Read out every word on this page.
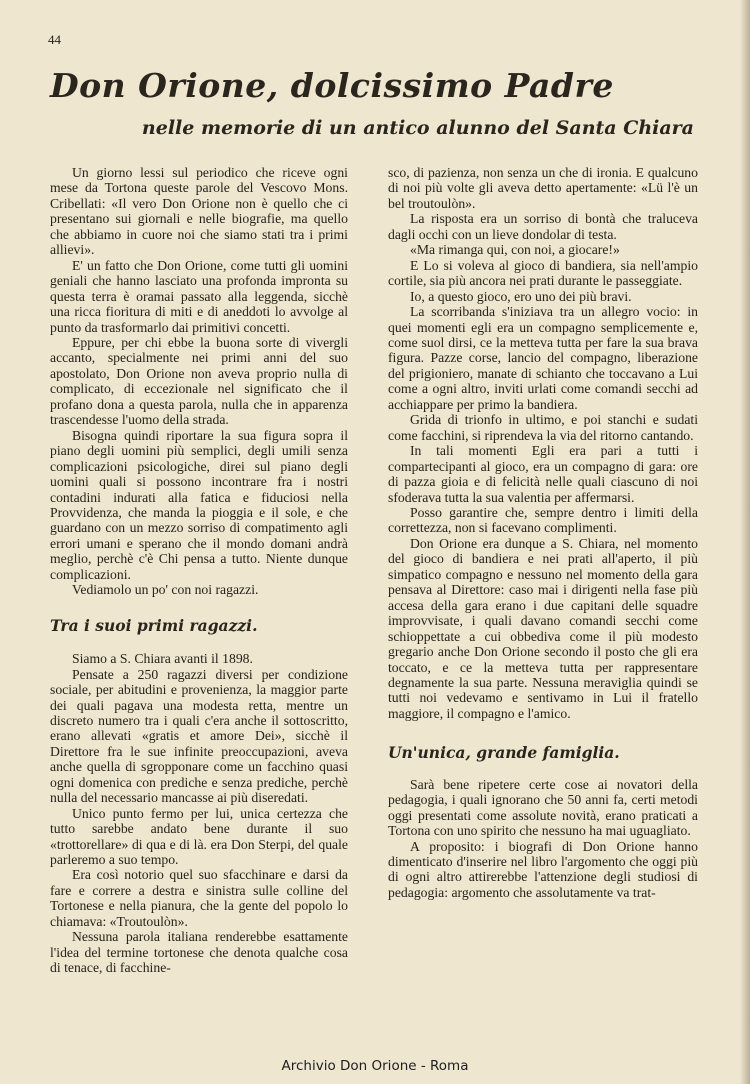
44
Don Orione, dolcissimo Padre
nelle memorie di un antico alunno del Santa Chiara

Un giorno lessi sul periodico che riceve ogni mese da Tortona queste parole del Vescovo Mons. Cribellati: «Il vero Don Orione non è quello che ci presentano sui giornali e nelle biografie, ma quello che abbiamo in cuore noi che siamo stati tra i primi allievi».

E' un fatto che Don Orione, come tutti gli uomini geniali che hanno lasciato una profonda impronta su questa terra è oramai passato alla leggenda, sicchè una ricca fioritura di miti e di aneddoti lo avvolge al punto da trasformarlo dai primitivi concetti.

Eppure, per chi ebbe la buona sorte di vivergli accanto, specialmente nei primi anni del suo apostolato, Don Orione non aveva proprio nulla di complicato, di eccezionale nel significato che il profano dona a questa parola, nulla che in apparenza trascendesse l'uomo della strada.

Bisogna quindi riportare la sua figura sopra il piano degli uomini più semplici, degli umili senza complicazioni psicologiche, direi sul piano degli uomini quali si possono incontrare fra i nostri contadini indurati alla fatica e fiduciosi nella Provvidenza, che manda la pioggia e il sole, e che guardano con un mezzo sorriso di compatimento agli errori umani e sperano che il mondo domani andrà meglio, perchè c'è Chi pensa a tutto. Niente dunque complicazioni.

Vediamolo un po' con noi ragazzi.

Tra i suoi primi ragazzi.

Siamo a S. Chiara avanti il 1898.

Pensate a 250 ragazzi diversi per condizione sociale, per abitudini e provenienza, la maggior parte dei quali pagava una modesta retta, mentre un discreto numero tra i quali c'era anche il sottoscritto, erano allevati «gratis et amore Dei», sicchè il Direttore fra le sue infinite preoccupazioni, aveva anche quella di sgropponare come un facchino quasi ogni domenica con prediche e senza prediche, perchè nulla del necessario mancasse ai più diseredati.

Unico punto fermo per lui, unica certezza che tutto sarebbe andato bene durante il suo «trottorellare» di qua e di là. era Don Sterpi, del quale parleremo a suo tempo.

Era così notorio quel suo sfacchinare e darsi da fare e correre a destra e sinistra sulle colline del Tortonese e nella pianura, che la gente del popolo lo chiamava: «Troutoulòn».

Nessuna parola italiana renderebbe esattamente l'idea del termine tortonese che denota qualche cosa di tenace, di facchine-

sco, di pazienza, non senza un che di ironia. E qualcuno di noi più volte gli aveva detto apertamente: «Lü l'è un bel troutoulòn».

La risposta era un sorriso di bontà che traluceva dagli occhi con un lieve dondolar di testa.

«Ma rimanga qui, con noi, a giocare!»

E Lo si voleva al gioco di bandiera, sia nell'ampio cortile, sia più ancora nei prati durante le passeggiate.

Io, a questo gioco, ero uno dei più bravi.

La scorribanda s'iniziava tra un allegro vocio: in quei momenti egli era un compagno semplicemente e, come suol dirsi, ce la metteva tutta per fare la sua brava figura. Pazze corse, lancio del compagno, liberazione del prigioniero, manate di schianto che toccavano a Lui come a ogni altro, inviti urlati come comandi secchi ad acchiappare per primo la bandiera.

Grida di trionfo in ultimo, e poi stanchi e sudati come facchini, si riprendeva la via del ritorno cantando.

In tali momenti Egli era pari a tutti i compartecipanti al gioco, era un compagno di gara: ore di pazza gioia e di felicità nelle quali ciascuno di noi sfoderava tutta la sua valentia per affermarsi.

Posso garantire che, sempre dentro i limiti della correttezza, non si facevano complimenti.

Don Orione era dunque a S. Chiara, nel momento del gioco di bandiera e nei prati all'aperto, il più simpatico compagno e nessuno nel momento della gara pensava al Direttore: caso mai i dirigenti nella fase più accesa della gara erano i due capitani delle squadre improvvisate, i quali davano comandi secchi come schioppettate a cui obbediva come il più modesto gregario anche Don Orione secondo il posto che gli era toccato, e ce la metteva tutta per rappresentare degnamente la sua parte. Nessuna meraviglia quindi se tutti noi vedevamo e sentivamo in Lui il fratello maggiore, il compagno e l'amico.

Un'unica, grande famiglia.

Sarà bene ripetere certe cose ai novatori della pedagogia, i quali ignorano che 50 anni fa, certi metodi oggi presentati come assolute novità, erano praticati a Tortona con uno spirito che nessuno ha mai uguagliato.

A proposito: i biografi di Don Orione hanno dimenticato d'inserire nel libro l'argomento che oggi più di ogni altro attirerebbe l'attenzione degli studiosi di pedagogia: argomento che assolutamente va trat-

Archivio Don Orione - Roma
